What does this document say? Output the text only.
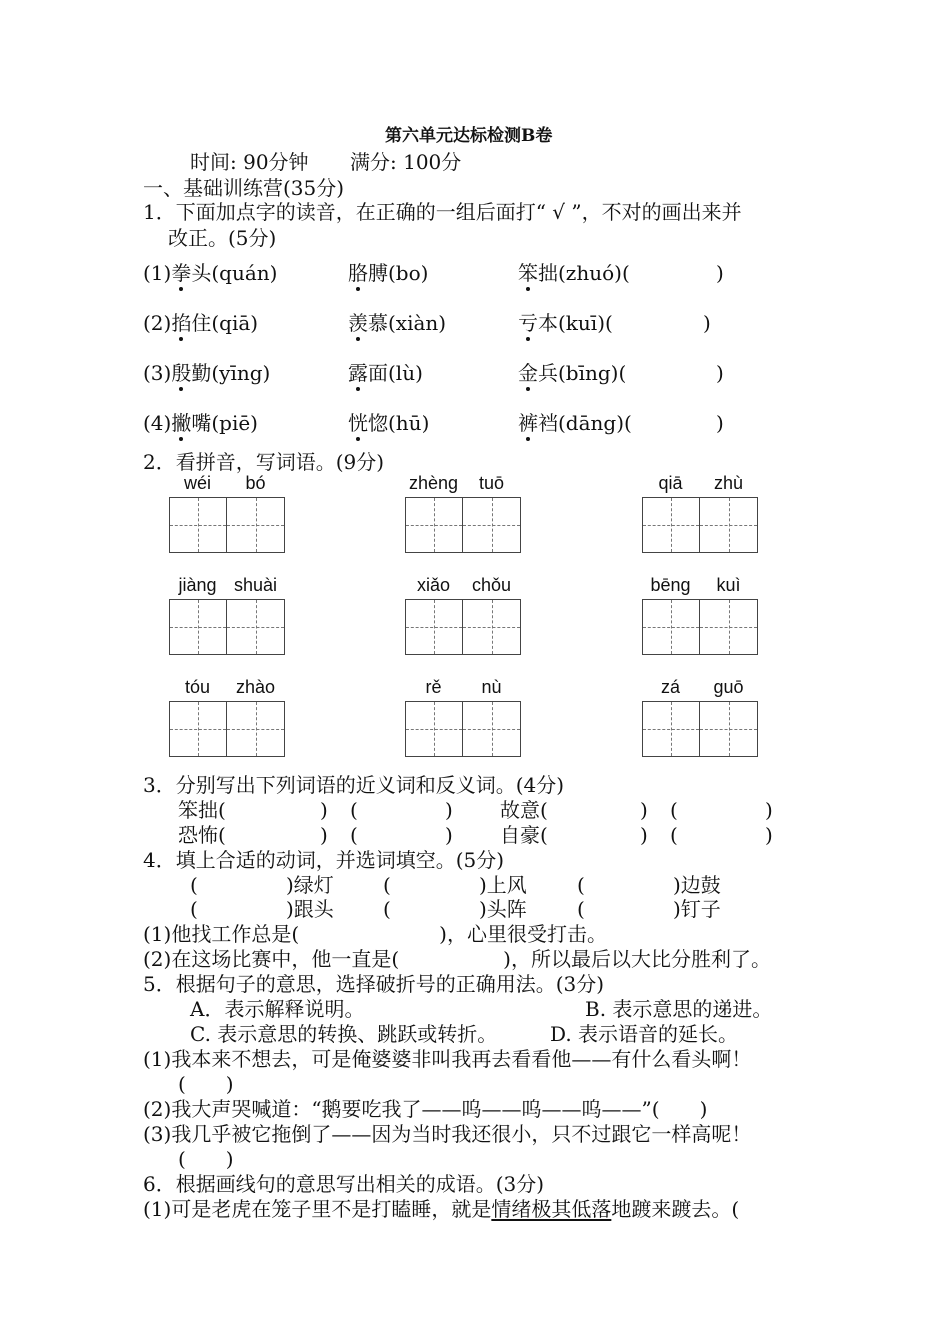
第六单元达标检测B卷
时间: 90分钟 满分: 100分
一、基础训练营(35分)
1．下面加点字的读音，在正确的一组后面打“ √ ”，不对的画出来并
改正。(5分)
(1)拳头(quán)	胳膊(bo)	笨拙(zhuó)(	)
(2)掐住(qiā)	羡慕(xiàn)	亏本(kuī)(	)
(3)殷勤(yīng)	露面(lù)	金兵(bīng)(	)
(4)撇嘴(piē)	恍惚(hū)	裤裆(dāng)(	)
2．看拼音，写词语。(9分)
wéi	bó	zhèng	tuō	qiā	zhù
jiàng shuài	xiǎo	chǒu	bēng	kuì
tóu	zhào	rě	nù	zá	guō
3．分别写出下列词语的近义词和反义词。(4分)
笨拙(	) (	) 故意(	) (	)
恐怖(	) (	) 自豪(	) (	)
4．填上合适的动词，并选词填空。(5分)
(	)绿灯 (	)上风	(	)边鼓
(	)跟头 (	)头阵	(	)钉子
(1)他找工作总是(	)，心里很受打击。
(2)在这场比赛中，他一直是(	)，所以最后以大比分胜利了。
5．根据句子的意思，选择破折号的正确用法。(3分)
A．表示解释说明。	B. 表示意思的递进。
C. 表示意思的转换、跳跃或转折。	D. 表示语音的延长。
(1)我本来不想去，可是俺婆婆非叫我再去看看他——有什么看头啊！
(　　)
(2)我大声哭喊道：“鹅要吃我了——呜——呜——呜——”(　　)
(3)我几乎被它拖倒了——因为当时我还很小，只不过跟它一样高呢！
(　　)
6．根据画线句的意思写出相关的成语。(3分)
(1)可是老虎在笼子里不是打瞌睡，就是情绪极其低落地踱来踱去。(
